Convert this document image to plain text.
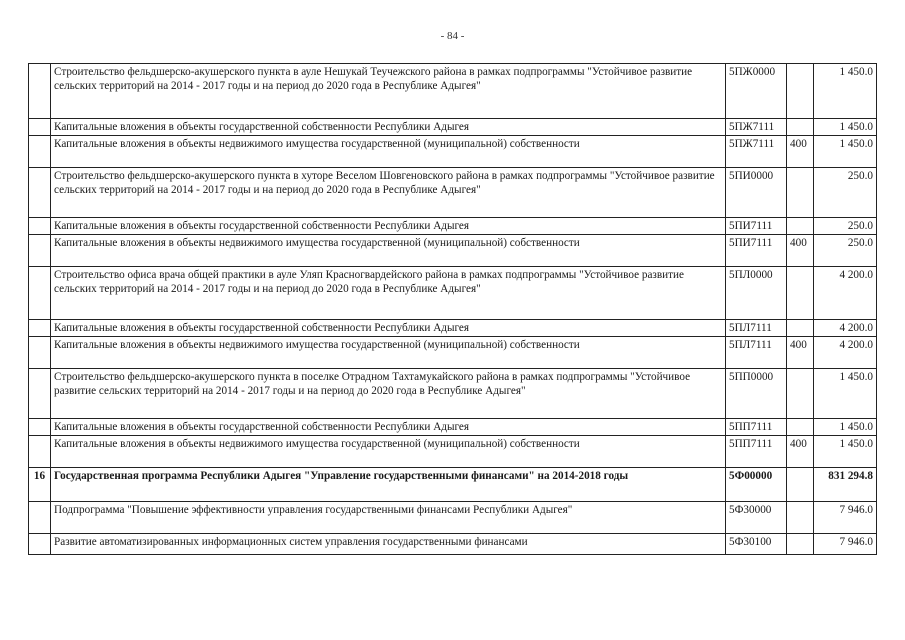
- 84 -
	Строительство фельдшерско-акушерского пункта в ауле Нешукай Теучежского района в рамках подпрограммы "Устойчивое развитие сельских территорий на 2014 - 2017 годы и на период до 2020 года в Республике Адыгея"	5ПЖ0000		1 450.0
	Капитальные вложения в объекты государственной собственности Республики Адыгея	5ПЖ7111		1 450.0
	Капитальные вложения в объекты недвижимого имущества государственной (муниципальной) собственности	5ПЖ7111	400	1 450.0
	Строительство фельдшерско-акушерского пункта в хуторе Веселом Шовгеновского района в рамках подпрограммы "Устойчивое развитие сельских территорий на 2014 - 2017 годы и на период до 2020 года в Республике Адыгея"	5ПИ0000		250.0
	Капитальные вложения в объекты государственной собственности Республики Адыгея	5ПИ7111		250.0
	Капитальные вложения в объекты недвижимого имущества государственной (муниципальной) собственности	5ПИ7111	400	250.0
	Строительство офиса врача общей практики в ауле Уляп Красногвардейского района в рамках подпрограммы "Устойчивое развитие сельских территорий на 2014 - 2017 годы и на период до 2020 года в Республике Адыгея"	5ПЛ0000		4 200.0
	Капитальные вложения в объекты государственной собственности Республики Адыгея	5ПЛ7111		4 200.0
	Капитальные вложения в объекты недвижимого имущества государственной (муниципальной) собственности	5ПЛ7111	400	4 200.0
	Строительство фельдшерско-акушерского пункта в поселке Отрадном Тахтамукайского района в рамках подпрограммы "Устойчивое развитие сельских территорий на 2014 - 2017 годы и на период до 2020 года в Республике Адыгея"	5ПП0000		1 450.0
	Капитальные вложения в объекты государственной собственности Республики Адыгея	5ПП7111		1 450.0
	Капитальные вложения в объекты недвижимого имущества государственной (муниципальной) собственности	5ПП7111	400	1 450.0
16	Государственная программа Республики Адыгея "Управление государственными финансами" на 2014-2018 годы	5Ф00000		831 294.8
	Подпрограмма "Повышение эффективности управления государственными финансами Республики Адыгея"	5Ф30000		7 946.0
	Развитие автоматизированных информационных систем управления государственными финансами	5Ф30100		7 946.0
